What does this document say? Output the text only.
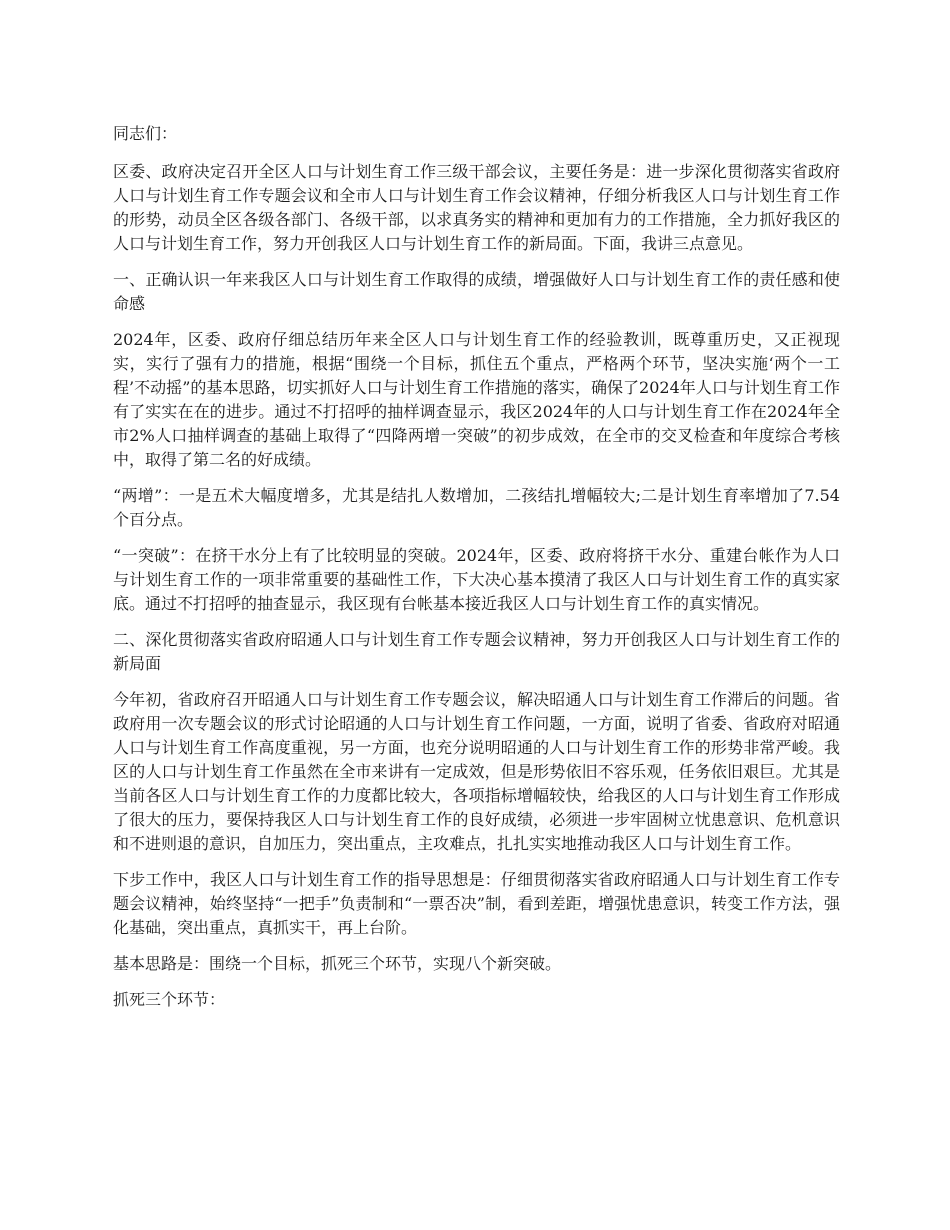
同志们：

区委、政府决定召开全区人口与计划生育工作三级干部会议，主要任务是：进一步深化贯彻落实省政府人口与计划生育工作专题会议和全市人口与计划生育工作会议精神，仔细分析我区人口与计划生育工作的形势，动员全区各级各部门、各级干部，以求真务实的精神和更加有力的工作措施，全力抓好我区的人口与计划生育工作，努力开创我区人口与计划生育工作的新局面。下面，我讲三点意见。

一、正确认识一年来我区人口与计划生育工作取得的成绩，增强做好人口与计划生育工作的责任感和使命感

2024年，区委、政府仔细总结历年来全区人口与计划生育工作的经验教训，既尊重历史，又正视现实，实行了强有力的措施，根据“围绕一个目标，抓住五个重点，严格两个环节，坚决实施‘两个一工程’不动摇”的基本思路，切实抓好人口与计划生育工作措施的落实，确保了2024年人口与计划生育工作有了实实在在的进步。通过不打招呼的抽样调查显示，我区2024年的人口与计划生育工作在2024年全市2%人口抽样调查的基础上取得了“四降两增一突破”的初步成效，在全市的交叉检查和年度综合考核中，取得了第二名的好成绩。

“两增”：一是五术大幅度增多，尤其是结扎人数增加，二孩结扎增幅较大;二是计划生育率增加了7.54个百分点。

“一突破”：在挤干水分上有了比较明显的突破。2024年，区委、政府将挤干水分、重建台帐作为人口与计划生育工作的一项非常重要的基础性工作，下大决心基本摸清了我区人口与计划生育工作的真实家底。通过不打招呼的抽查显示，我区现有台帐基本接近我区人口与计划生育工作的真实情况。

二、深化贯彻落实省政府昭通人口与计划生育工作专题会议精神，努力开创我区人口与计划生育工作的新局面

今年初，省政府召开昭通人口与计划生育工作专题会议，解决昭通人口与计划生育工作滞后的问题。省政府用一次专题会议的形式讨论昭通的人口与计划生育工作问题，一方面，说明了省委、省政府对昭通人口与计划生育工作高度重视，另一方面，也充分说明昭通的人口与计划生育工作的形势非常严峻。我区的人口与计划生育工作虽然在全市来讲有一定成效，但是形势依旧不容乐观，任务依旧艰巨。尤其是当前各区人口与计划生育工作的力度都比较大，各项指标增幅较快，给我区的人口与计划生育工作形成了很大的压力，要保持我区人口与计划生育工作的良好成绩，必须进一步牢固树立忧患意识、危机意识和不进则退的意识，自加压力，突出重点，主攻难点，扎扎实实地推动我区人口与计划生育工作。

下步工作中，我区人口与计划生育工作的指导思想是：仔细贯彻落实省政府昭通人口与计划生育工作专题会议精神，始终坚持“一把手”负责制和“一票否决”制，看到差距，增强忧患意识，转变工作方法，强化基础，突出重点，真抓实干，再上台阶。

基本思路是：围绕一个目标，抓死三个环节，实现八个新突破。

抓死三个环节：
